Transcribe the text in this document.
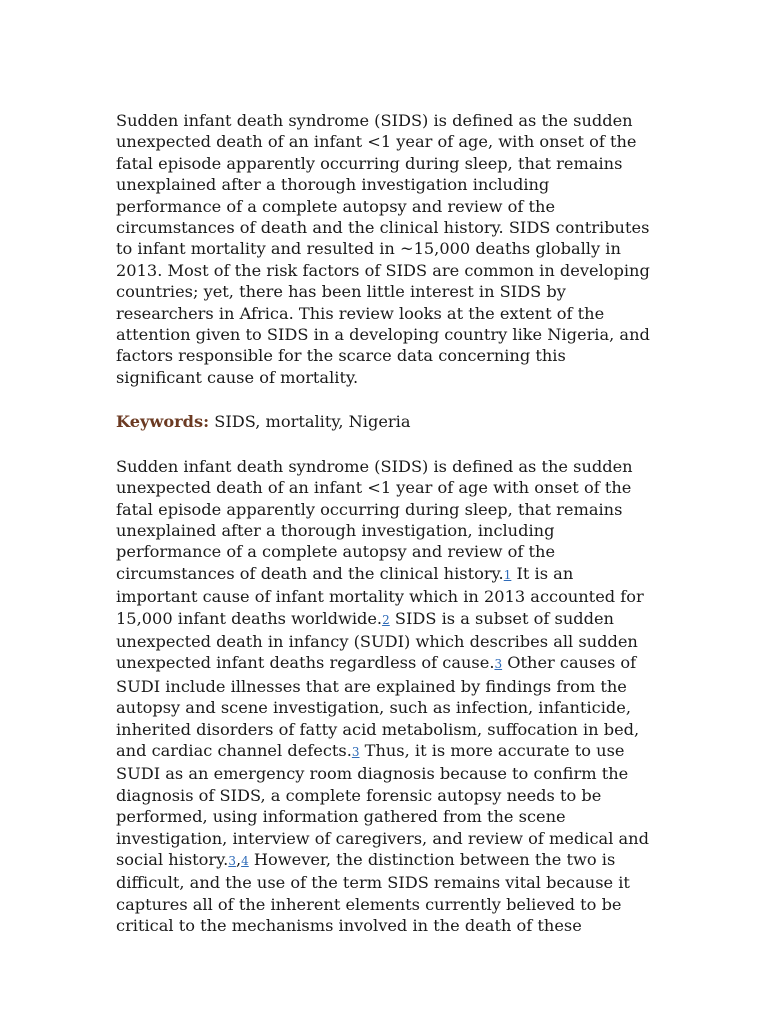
Sudden infant death syndrome (SIDS) is defined as the sudden unexpected death of an infant <1 year of age, with onset of the fatal episode apparently occurring during sleep, that remains unexplained after a thorough investigation including performance of a complete autopsy and review of the circumstances of death and the clinical history. SIDS contributes to infant mortality and resulted in ~15,000 deaths globally in 2013. Most of the risk factors of SIDS are common in developing countries; yet, there has been little interest in SIDS by researchers in Africa. This review looks at the extent of the attention given to SIDS in a developing country like Nigeria, and factors responsible for the scarce data concerning this significant cause of mortality.

Keywords: SIDS, mortality, Nigeria

Sudden infant death syndrome (SIDS) is defined as the sudden unexpected death of an infant <1 year of age with onset of the fatal episode apparently occurring during sleep, that remains unexplained after a thorough investigation, including performance of a complete autopsy and review of the circumstances of death and the clinical history.1 It is an important cause of infant mortality which in 2013 accounted for 15,000 infant deaths worldwide.2 SIDS is a subset of sudden unexpected death in infancy (SUDI) which describes all sudden unexpected infant deaths regardless of cause.3 Other causes of SUDI include illnesses that are explained by findings from the autopsy and scene investigation, such as infection, infanticide, inherited disorders of fatty acid metabolism, suffocation in bed, and cardiac channel defects.3 Thus, it is more accurate to use SUDI as an emergency room diagnosis because to confirm the diagnosis of SIDS, a complete forensic autopsy needs to be performed, using information gathered from the scene investigation, interview of caregivers, and review of medical and social history.3,4 However, the distinction between the two is difficult, and the use of the term SIDS remains vital because it captures all of the inherent elements currently believed to be critical to the mechanisms involved in the death of these
